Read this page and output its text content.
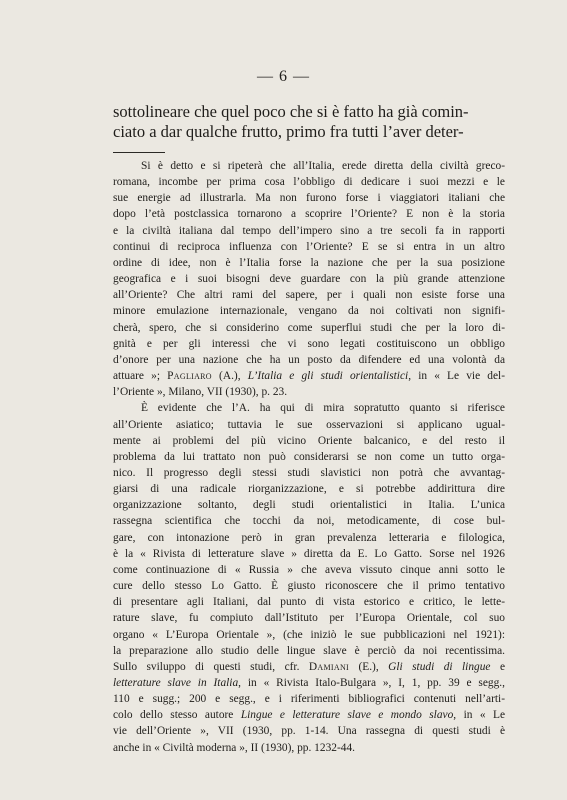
— 6 —
sottolineare che quel poco che si è fatto ha già comin-
ciato a dar qualche frutto, primo fra tutti l’aver deter-
Si è detto e si ripeterà che all’Italia, erede diretta della civiltà greco-
romana, incombe per prima cosa l’obbligo di dedicare i suoi mezzi e le
sue energie ad illustrarla. Ma non furono forse i viaggiatori italiani che
dopo l’età postclassica tornarono a scoprire l’Oriente? E non è la storia
e la civiltà italiana dal tempo dell’impero sino a tre secoli fa in rapporti
continui di reciproca influenza con l’Oriente? E se si entra in un altro
ordine di idee, non è l’Italia forse la nazione che per la sua posizione
geografica e i suoi bisogni deve guardare con la più grande attenzione
all’Oriente? Che altri rami del sapere, per i quali non esiste forse una
minore emulazione internazionale, vengano da noi coltivati non signifi-
cherà, spero, che si considerino come superflui studi che per la loro di-
gnità e per gli interessi che vi sono legati costituiscono un obbligo
d’onore per una nazione che ha un posto da difendere ed una volontà da
attuare »; Pagliaro (A.), L’Italia e gli studi orientalistici, in « Le vie del-
l’Oriente », Milano, VII (1930), p. 23.
È evidente che l’A. ha qui di mira sopratutto quanto si riferisce
all’Oriente asiatico; tuttavia le sue osservazioni si applicano ugual-
mente ai problemi del più vicino Oriente balcanico, e del resto il
problema da lui trattato non può considerarsi se non come un tutto orga-
nico. Il progresso degli stessi studi slavistici non potrà che avvantag-
giarsi di una radicale riorganizzazione, e si potrebbe addirittura dire
organizzazione soltanto, degli studi orientalistici in Italia. L’unica
rassegna scientifica che tocchi da noi, metodicamente, di cose bul-
gare, con intonazione però in gran prevalenza letteraria e filologica,
è la « Rivista di letterature slave » diretta da E. Lo Gatto. Sorse nel 1926
come continuazione di « Russia » che aveva vissuto cinque anni sotto le
cure dello stesso Lo Gatto. È giusto riconoscere che il primo tentativo
di presentare agli Italiani, dal punto di vista estorico e critico, le lette-
rature slave, fu compiuto dall’Istituto per l’Europa Orientale, col suo
organo « L’Europa Orientale », (che iniziò le sue pubblicazioni nel 1921):
la preparazione allo studio delle lingue slave è perciò da noi recentissima.
Sullo sviluppo di questi studi, cfr. Damiani (E.), Gli studi di lingue e
letterature slave in Italia, in « Rivista Italo-Bulgara », I, 1, pp. 39 e segg.,
110 e sugg.; 200 e segg., e i riferimenti bibliografici contenuti nell’arti-
colo dello stesso autore Lingue e letterature slave e mondo slavo, in « Le
vie dell’Oriente », VII (1930, pp. 1-14. Una rassegna di questi studi è
anche in « Civiltà moderna », II (1930), pp. 1232-44.
